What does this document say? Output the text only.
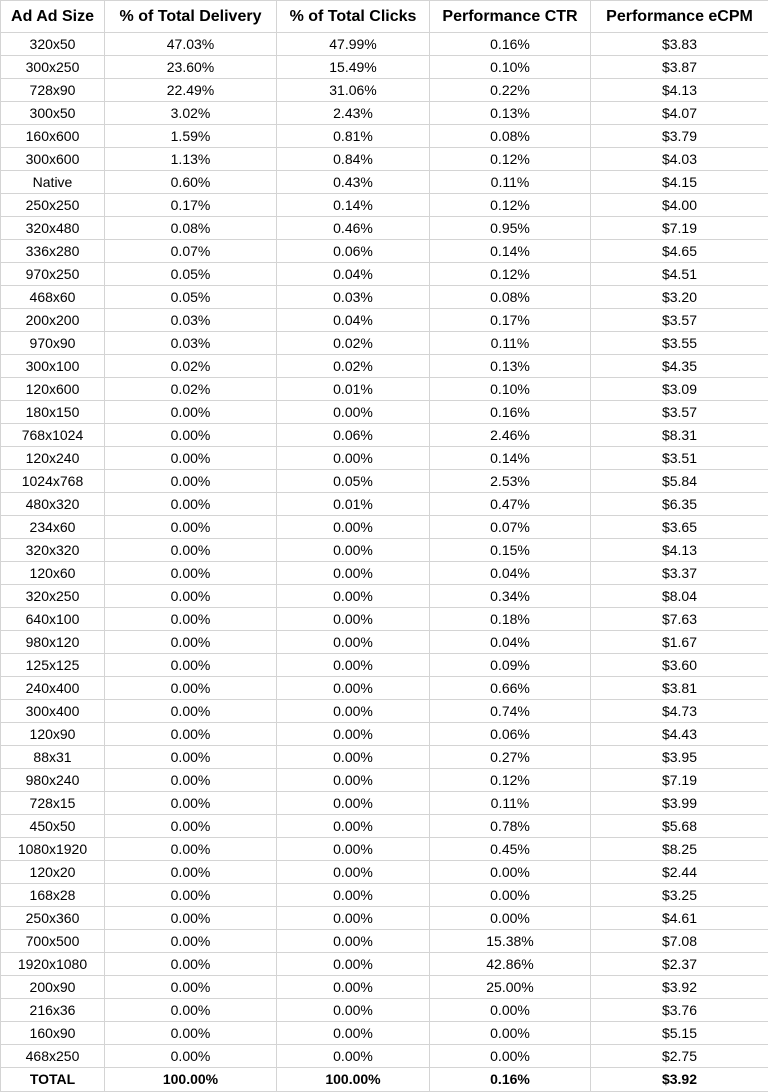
Ad Ad Size	% of Total Delivery	% of Total Clicks	Performance CTR	Performance eCPM
320x50	47.03%	47.99%	0.16%	$3.83
300x250	23.60%	15.49%	0.10%	$3.87
728x90	22.49%	31.06%	0.22%	$4.13
300x50	3.02%	2.43%	0.13%	$4.07
160x600	1.59%	0.81%	0.08%	$3.79
300x600	1.13%	0.84%	0.12%	$4.03
Native	0.60%	0.43%	0.11%	$4.15
250x250	0.17%	0.14%	0.12%	$4.00
320x480	0.08%	0.46%	0.95%	$7.19
336x280	0.07%	0.06%	0.14%	$4.65
970x250	0.05%	0.04%	0.12%	$4.51
468x60	0.05%	0.03%	0.08%	$3.20
200x200	0.03%	0.04%	0.17%	$3.57
970x90	0.03%	0.02%	0.11%	$3.55
300x100	0.02%	0.02%	0.13%	$4.35
120x600	0.02%	0.01%	0.10%	$3.09
180x150	0.00%	0.00%	0.16%	$3.57
768x1024	0.00%	0.06%	2.46%	$8.31
120x240	0.00%	0.00%	0.14%	$3.51
1024x768	0.00%	0.05%	2.53%	$5.84
480x320	0.00%	0.01%	0.47%	$6.35
234x60	0.00%	0.00%	0.07%	$3.65
320x320	0.00%	0.00%	0.15%	$4.13
120x60	0.00%	0.00%	0.04%	$3.37
320x250	0.00%	0.00%	0.34%	$8.04
640x100	0.00%	0.00%	0.18%	$7.63
980x120	0.00%	0.00%	0.04%	$1.67
125x125	0.00%	0.00%	0.09%	$3.60
240x400	0.00%	0.00%	0.66%	$3.81
300x400	0.00%	0.00%	0.74%	$4.73
120x90	0.00%	0.00%	0.06%	$4.43
88x31	0.00%	0.00%	0.27%	$3.95
980x240	0.00%	0.00%	0.12%	$7.19
728x15	0.00%	0.00%	0.11%	$3.99
450x50	0.00%	0.00%	0.78%	$5.68
1080x1920	0.00%	0.00%	0.45%	$8.25
120x20	0.00%	0.00%	0.00%	$2.44
168x28	0.00%	0.00%	0.00%	$3.25
250x360	0.00%	0.00%	0.00%	$4.61
700x500	0.00%	0.00%	15.38%	$7.08
1920x1080	0.00%	0.00%	42.86%	$2.37
200x90	0.00%	0.00%	25.00%	$3.92
216x36	0.00%	0.00%	0.00%	$3.76
160x90	0.00%	0.00%	0.00%	$5.15
468x250	0.00%	0.00%	0.00%	$2.75
TOTAL	100.00%	100.00%	0.16%	$3.92
